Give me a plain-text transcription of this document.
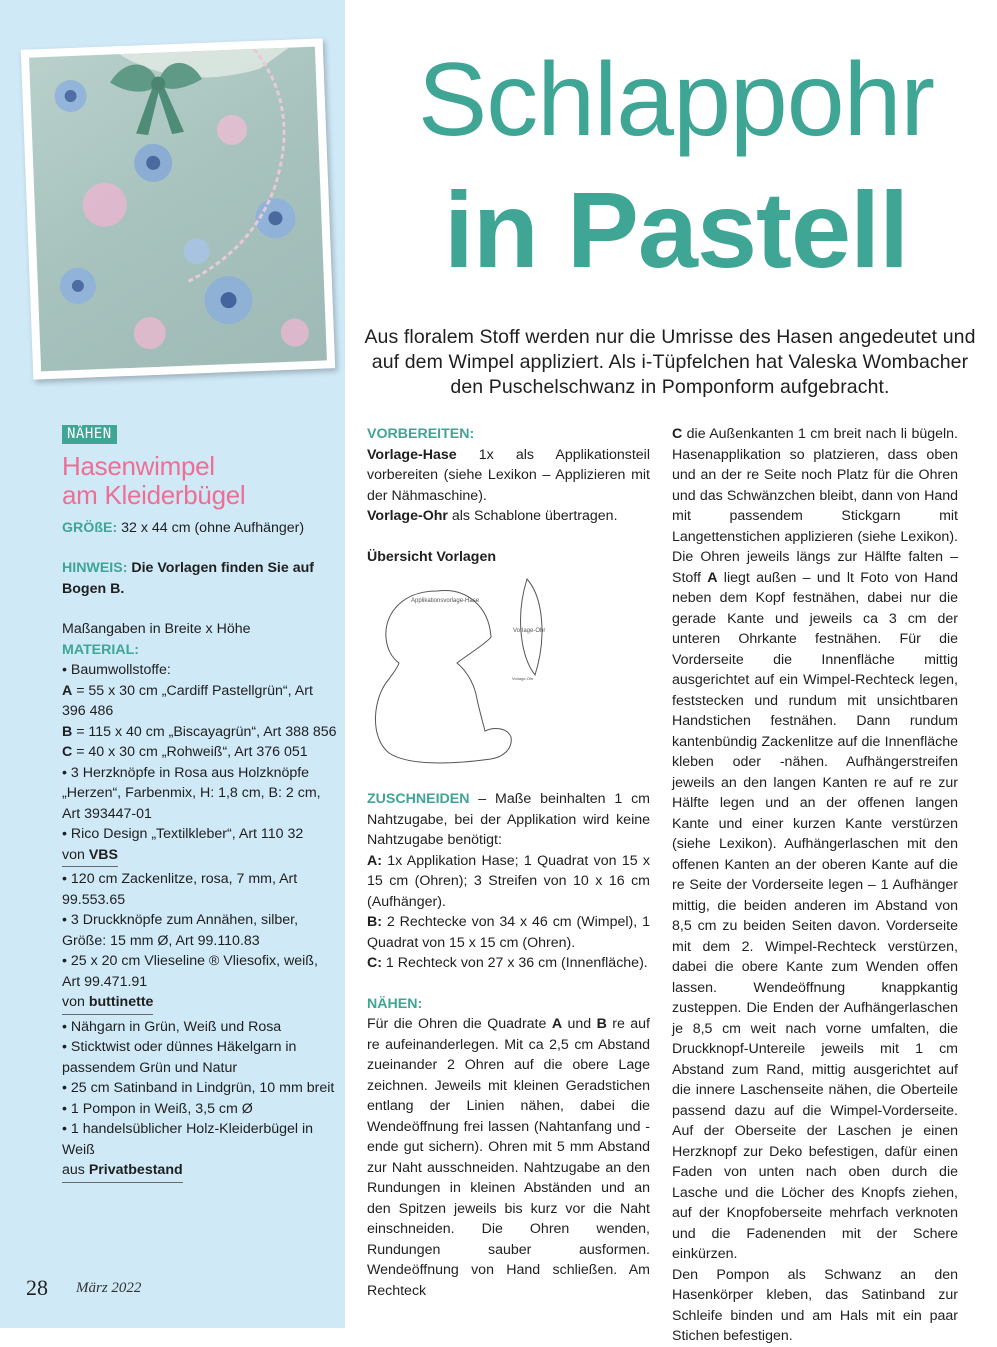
NÄHEN
Hasenwimpel
am Kleiderbügel

GRÖßE: 32 x 44 cm (ohne Aufhänger)

HINWEIS: Die Vorlagen finden Sie auf Bogen B.

Maßangaben in Breite x Höhe

MATERIAL:

• Baumwollstoffe:

A = 55 x 30 cm „Cardiff Pastellgrün“, Art 396 486

B = 115 x 40 cm „Biscayagrün“, Art 388 856

C = 40 x 30 cm „Rohweiß“, Art 376 051

• 3 Herzknöpfe in Rosa aus Holzknöpfe „Herzen“, Farbenmix, H: 1,8 cm, B: 2 cm, Art 393447-01

• Rico Design „Textilkleber“, Art 110 32

von VBS

• 120 cm Zackenlitze, rosa, 7 mm, Art 99.553.65

• 3 Druckknöpfe zum Annähen, silber, Größe: 15 mm Ø, Art 99.110.83

• 25 x 20 cm Vlieseline ® Vliesofix, weiß, Art 99.471.91

von buttinette

• Nähgarn in Grün, Weiß und Rosa

• Sticktwist oder dünnes Häkelgarn in passendem Grün und Natur

• 25 cm Satinband in Lindgrün, 10 mm breit

• 1 Pompon in Weiß, 3,5 cm Ø

• 1 handelsüblicher Holz-Kleiderbügel in Weiß

aus Privatbestand
28 März 2022
Schlappohr
in Pastell
Aus floralem Stoff werden nur die Umrisse des Hasen angedeutet und auf dem Wimpel appliziert. Als i-Tüpfelchen hat Valeska Wombacher den Puschelschwanz in Pomponform aufgebracht.

VORBEREITEN:

Vorlage-Hase 1x als Applikationsteil vorbereiten (siehe Lexikon – Applizieren mit der Nähmaschine).

Vorlage-Ohr als Schablone übertragen.

Übersicht Vorlagen

Applikationsvorlage-Hase
Vorlage-Ohr
Vorlage-Ohr

ZUSCHNEIDEN – Maße beinhalten 1 cm Nahtzugabe, bei der Applikation wird keine Nahtzugabe benötigt:

A: 1x Applikation Hase; 1 Quadrat von 15 x 15 cm (Ohren); 3 Streifen von 10 x 16 cm (Aufhänger).

B: 2 Rechtecke von 34 x 46 cm (Wimpel), 1 Quadrat von 15 x 15 cm (Ohren).

C: 1 Rechteck von 27 x 36 cm (Innenfläche).

NÄHEN:

Für die Ohren die Quadrate A und B re auf re aufeinanderlegen. Mit ca 2,5 cm Abstand zueinander 2 Ohren auf die obere Lage zeichnen. Jeweils mit kleinen Geradstichen entlang der Linien nähen, dabei die Wendeöffnung frei lassen (Nahtanfang und -ende gut sichern). Ohren mit 5 mm Abstand zur Naht ausschneiden. Nahtzugabe an den Rundungen in kleinen Abständen und an den Spitzen jeweils bis kurz vor die Naht einschneiden. Die Ohren wenden, Rundungen sauber ausformen. Wendeöffnung von Hand schließen. Am Rechteck

C die Außenkanten 1 cm breit nach li bügeln. Hasenapplikation so platzieren, dass oben und an der re Seite noch Platz für die Ohren und das Schwänzchen bleibt, dann von Hand mit passendem Stickgarn mit Langettenstichen applizieren (siehe Lexikon). Die Ohren jeweils längs zur Hälfte falten – Stoff A liegt außen – und lt Foto von Hand neben dem Kopf festnähen, dabei nur die gerade Kante und jeweils ca 3 cm der unteren Ohrkante festnähen. Für die Vorderseite die Innenfläche mittig ausgerichtet auf ein Wimpel-Rechteck legen, feststecken und rundum mit unsichtbaren Handstichen festnähen. Dann rundum kantenbündig Zackenlitze auf die Innenfläche kleben oder -nähen. Aufhängerstreifen jeweils an den langen Kanten re auf re zur Hälfte legen und an der offenen langen Kante und einer kurzen Kante verstürzen (siehe Lexikon). Aufhängerlaschen mit den offenen Kanten an der oberen Kante auf die re Seite der Vorderseite legen – 1 Aufhänger mittig, die beiden anderen im Abstand von 8,5 cm zu beiden Seiten davon. Vorderseite mit dem 2. Wimpel-Rechteck verstürzen, dabei die obere Kante zum Wenden offen lassen. Wendeöffnung knappkantig zusteppen. Die Enden der Aufhängerlaschen je 8,5 cm weit nach vorne umfalten, die Druckknopf-Untereile jeweils mit 1 cm Abstand zum Rand, mittig ausgerichtet auf die innere Laschenseite nähen, die Oberteile passend dazu auf die Wimpel-Vorderseite. Auf der Oberseite der Laschen je einen Herzknopf zur Deko befestigen, dafür einen Faden von unten nach oben durch die Lasche und die Löcher des Knopfs ziehen, auf der Knopfoberseite mehrfach verknoten und die Fadenenden mit der Schere einkürzen.

Den Pompon als Schwanz an den Hasenkörper kleben, das Satinband zur Schleife binden und am Hals mit ein paar Stichen befestigen.
